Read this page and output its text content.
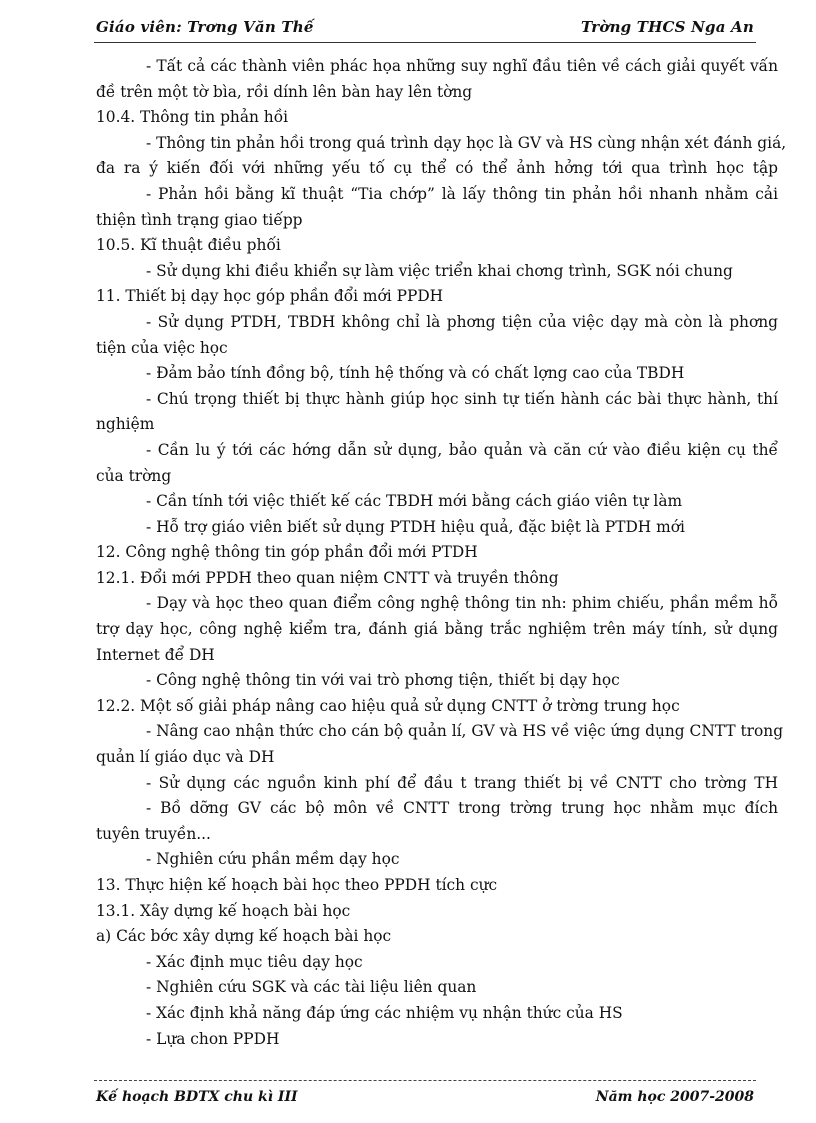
Giáo viên: Trơng Văn Thế	Trờng THCS Nga An
- Tất cả các thành viên phác họa những suy nghĩ đầu tiên về cách giải quyết vấn
đề trên một tờ bìa, rồi dính lên bàn hay lên tờng
10.4. Thông tin phản hồi
- Thông tin phản hồi trong quá trình dạy học là GV và HS cùng nhận xét đánh giá,
đa ra ý kiến đối với những yếu tố cụ thể có thể ảnh hởng tới qua trình học tập
- Phản hồi bằng kĩ thuật “Tia chớp” là lấy thông tin phản hồi nhanh nhằm cải
thiện tình trạng giao tiếpp
10.5. Kĩ thuật điều phối
- Sử dụng khi điều khiển sự làm việc triển khai chơng trình, SGK nói chung
11. Thiết bị dạy học góp phần đổi mới PPDH
- Sử dụng PTDH, TBDH không chỉ là phơng tiện của việc dạy mà còn là phơng
tiện của việc học
- Đảm bảo tính đồng bộ, tính hệ thống và có chất lợng cao của TBDH
- Chú trọng thiết bị thực hành giúp học sinh tự tiến hành các bài thực hành, thí
nghiệm
- Cần lu ý tới các hớng dẫn sử dụng, bảo quản và căn cứ vào điều kiện cụ thể
của trờng
- Cần tính tới việc thiết kế các TBDH mới bằng cách giáo viên tự làm
- Hỗ trợ giáo viên biết sử dụng PTDH hiệu quả, đặc biệt là PTDH mới
12. Công nghệ thông tin góp phần đổi mới PTDH
12.1. Đổi mới PPDH theo quan niệm CNTT và truyền thông
- Dạy và học theo quan điểm công nghệ thông tin nh: phim chiếu, phần mềm hỗ
trợ dạy học, công nghệ kiểm tra, đánh giá bằng trắc nghiệm trên máy tính, sử dụng
Internet để DH
- Công nghệ thông tin với vai trò phơng tiện, thiết bị dạy học
12.2. Một số giải pháp nâng cao hiệu quả sử dụng CNTT ở trờng trung học
- Nâng cao nhận thức cho cán bộ quản lí, GV và HS về việc ứng dụng CNTT trong
quản lí giáo dục và DH
- Sử dụng các nguồn kinh phí để đầu t trang thiết bị về CNTT cho trờng TH
- Bồ dỡng GV các bộ môn về CNTT trong trờng trung học nhằm mục đích
tuyên truyền...
- Nghiên cứu phần mềm dạy học
13. Thực hiện kế hoạch bài học theo PPDH tích cực
13.1. Xây dựng kế hoạch bài học
a) Các bớc xây dựng kế hoạch bài học
- Xác định mục tiêu dạy học
- Nghiên cứu SGK và các tài liệu liên quan
- Xác định khả năng đáp ứng các nhiệm vụ nhận thức của HS
- Lựa chon PPDH
Kế hoạch BDTX chu kì III	Năm học 2007-2008
